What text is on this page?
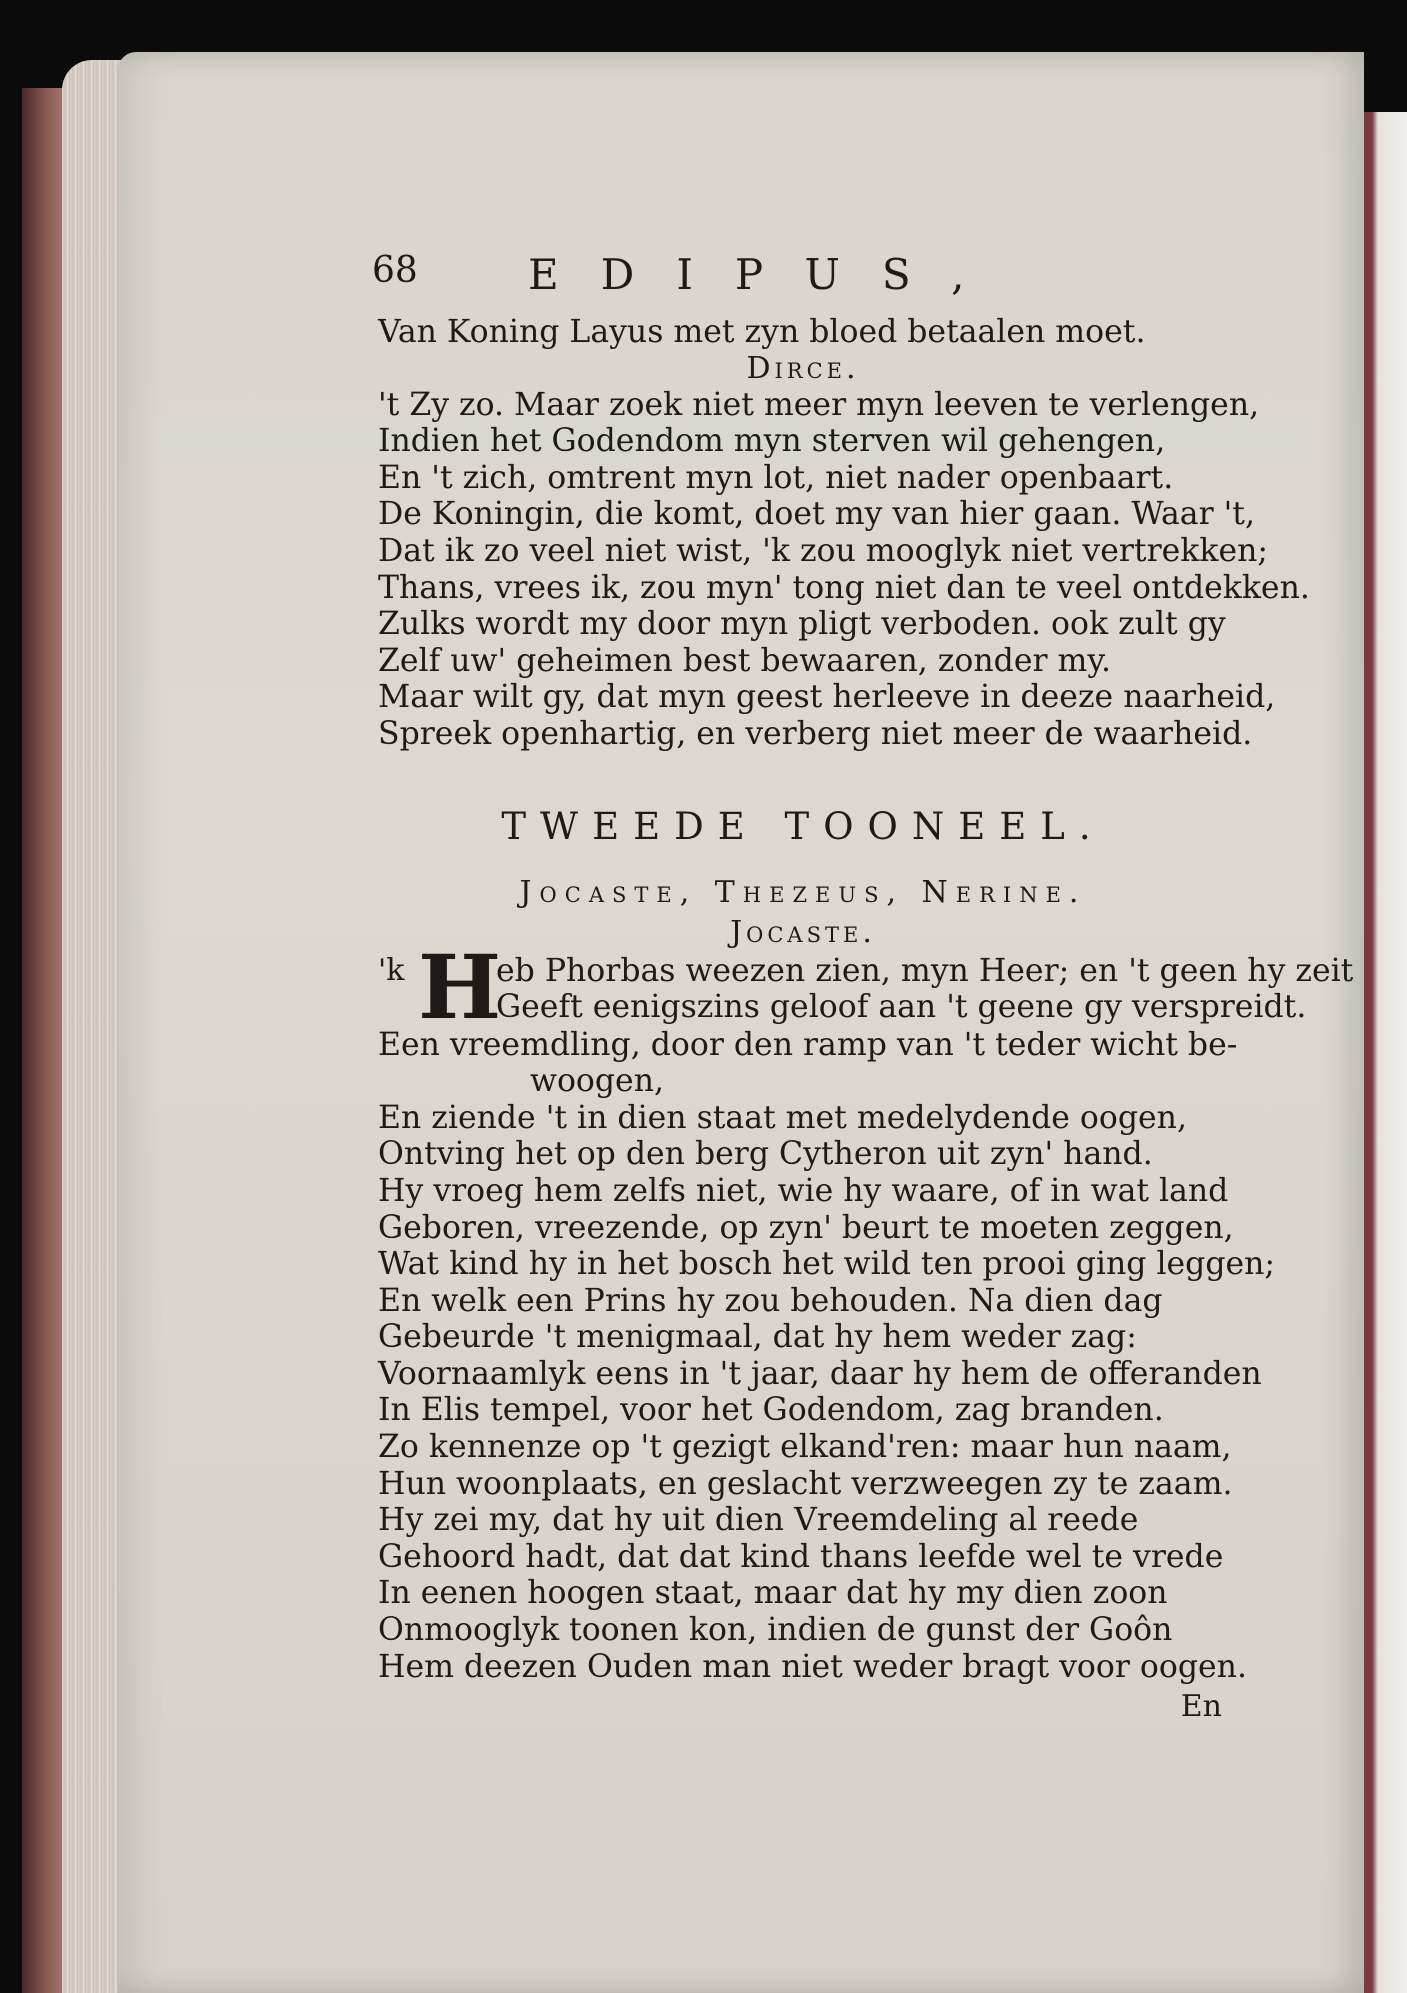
68	EDIPUS,
Van Koning Layus met zyn bloed betaalen moet.
Dirce.
't Zy zo. Maar zoek niet meer myn leeven te verlengen,
Indien het Godendom myn sterven wil gehengen,
En 't zich, omtrent myn lot, niet nader openbaart.
De Koningin, die komt, doet my van hier gaan. Waar 't,
Dat ik zo veel niet wist, 'k zou mooglyk niet vertrekken;
Thans, vrees ik, zou myn' tong niet dan te veel ontdekken.
Zulks wordt my door myn pligt verboden. ook zult gy
Zelf uw' geheimen best bewaaren, zonder my.
Maar wilt gy, dat myn geest herleeve in deeze naarheid,
Spreek openhartig, en verberg niet meer de waarheid.
TWEEDE TOONEEL.
Jocaste, Thezeus, Nerine.
Jocaste.
'k H
eb Phorbas weezen zien, myn Heer; en 't geen hy zeit
Geeft eenigszins geloof aan 't geene gy verspreidt.
Een vreemdling, door den ramp van 't teder wicht be-
woogen,
En ziende 't in dien staat met medelydende oogen,
Ontving het op den berg Cytheron uit zyn' hand.
Hy vroeg hem zelfs niet, wie hy waare, of in wat land
Geboren, vreezende, op zyn' beurt te moeten zeggen,
Wat kind hy in het bosch het wild ten prooi ging leggen;
En welk een Prins hy zou behouden. Na dien dag
Gebeurde 't menigmaal, dat hy hem weder zag:
Voornaamlyk eens in 't jaar, daar hy hem de offeranden
In Elis tempel, voor het Godendom, zag branden.
Zo kennenze op 't gezigt elkand'ren: maar hun naam,
Hun woonplaats, en geslacht verzweegen zy te zaam.
Hy zei my, dat hy uit dien Vreemdeling al reede
Gehoord hadt, dat dat kind thans leefde wel te vrede
In eenen hoogen staat, maar dat hy my dien zoon
Onmooglyk toonen kon, indien de gunst der Goôn
Hem deezen Ouden man niet weder bragt voor oogen.
En
